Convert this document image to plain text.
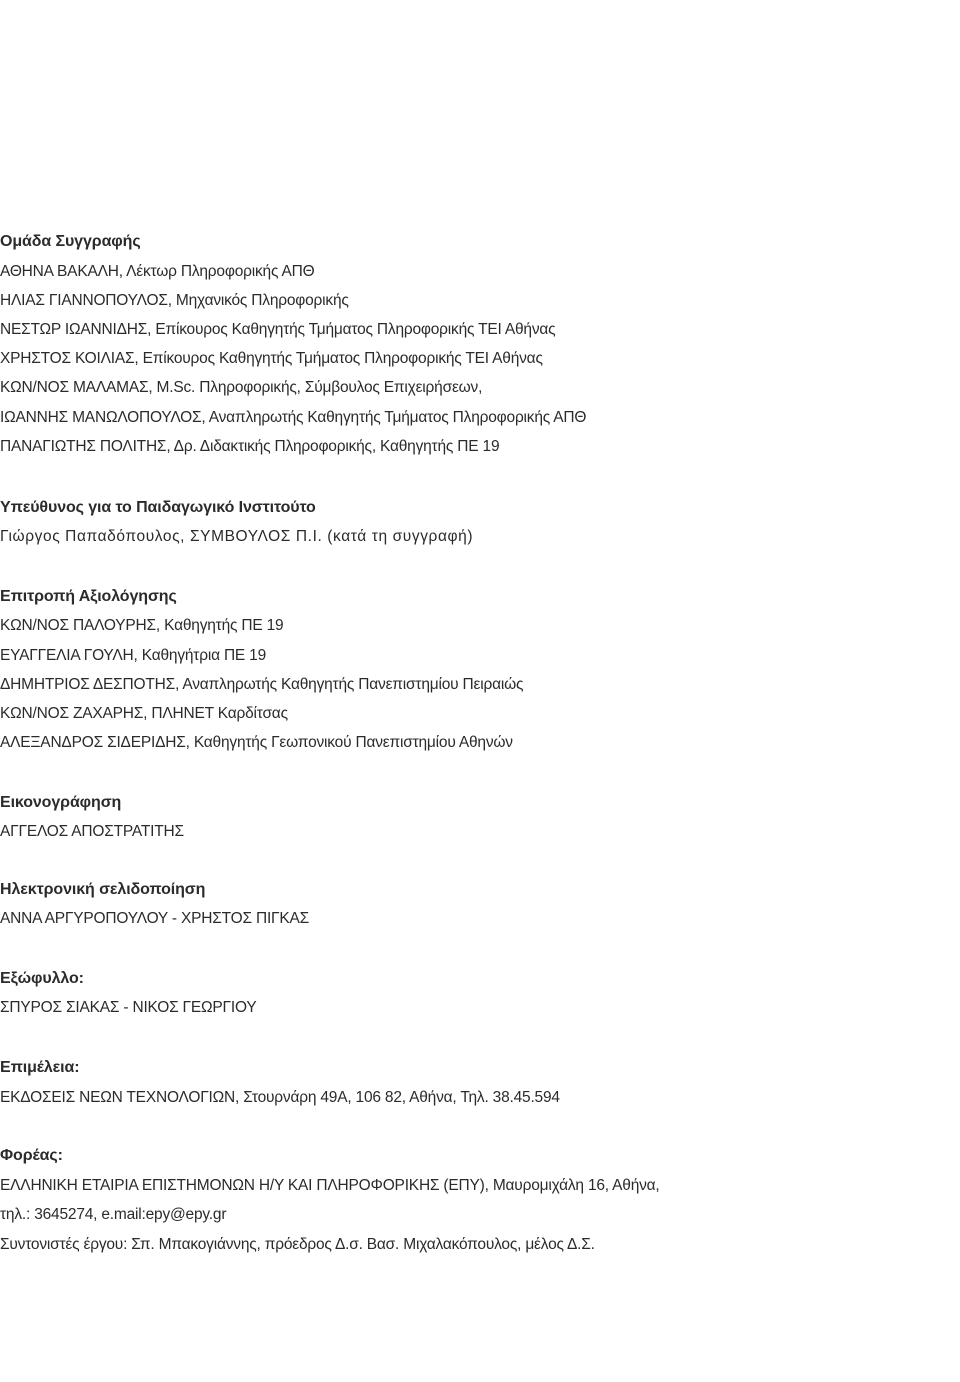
Ομάδα Συγγραφής
ΑΘΗΝΑ ΒΑΚΑΛΗ, Λέκτωρ Πληροφορικής ΑΠΘ
ΗΛΙΑΣ ΓΙΑΝΝΟΠΟΥΛΟΣ, Μηχανικός Πληροφορικής
ΝΕΣΤΩΡ ΙΩΑΝΝΙΔΗΣ, Επίκουρος Καθηγητής Τμήματος Πληροφορικής ΤΕΙ Αθήνας
ΧΡΗΣΤΟΣ ΚΟΙΛΙΑΣ, Επίκουρος Καθηγητής Τμήματος Πληροφορικής ΤΕΙ Αθήνας
ΚΩΝ/ΝΟΣ ΜΑΛΑΜΑΣ, M.Sc. Πληροφορικής, Σύμβουλος Επιχειρήσεων,
ΙΩΑΝΝΗΣ ΜΑΝΩΛΟΠΟΥΛΟΣ, Αναπληρωτής Καθηγητής Τμήματος Πληροφορικής ΑΠΘ
ΠΑΝΑΓΙΩΤΗΣ ΠΟΛΙΤΗΣ, Δρ. Διδακτικής Πληροφορικής, Καθηγητής ΠΕ 19
Υπεύθυνος για το Παιδαγωγικό Ινστιτούτο
Γιώργος Παπαδόπουλος, ΣΥΜΒΟΥΛΟΣ Π.Ι. (κατά τη συγγραφή)
Επιτροπή Αξιολόγησης
ΚΩΝ/ΝΟΣ ΠΑΛΟΥΡΗΣ, Καθηγητής ΠΕ 19
ΕΥΑΓΓΕΛΙΑ ΓΟΥΛΗ, Καθηγήτρια ΠΕ 19
ΔΗΜΗΤΡΙΟΣ ΔΕΣΠΟΤΗΣ, Αναπληρωτής Καθηγητής Πανεπιστημίου Πειραιώς
ΚΩΝ/ΝΟΣ ΖΑΧΑΡΗΣ, ΠΛΗΝΕΤ Καρδίτσας
ΑΛΕΞΑΝΔΡΟΣ ΣΙΔΕΡΙΔΗΣ, Καθηγητής Γεωπονικού Πανεπιστημίου Αθηνών
Εικονογράφηση
ΑΓΓΕΛΟΣ ΑΠΟΣΤΡΑΤΙΤΗΣ
Ηλεκτρονική σελιδοποίηση
ΑΝΝΑ ΑΡΓΥΡΟΠΟΥΛΟΥ - ΧΡΗΣΤΟΣ ΠΙΓΚΑΣ
Εξώφυλλο:
ΣΠΥΡΟΣ ΣΙΑΚΑΣ - ΝΙΚΟΣ ΓΕΩΡΓΙΟΥ
Επιμέλεια:
ΕΚΔΟΣΕΙΣ ΝΕΩΝ ΤΕΧΝΟΛΟΓΙΩΝ, Στουρνάρη 49Α, 106 82, Αθήνα, Τηλ. 38.45.594
Φορέας:
ΕΛΛΗΝΙΚΗ ΕΤΑΙΡΙΑ ΕΠΙΣΤΗΜΟΝΩΝ Η/Υ ΚΑΙ ΠΛΗΡΟΦΟΡΙΚΗΣ (ΕΠΥ), Μαυρομιχάλη 16, Αθήνα,
τηλ.: 3645274, e.mail:epy@epy.gr
Συντονιστές έργου: Σπ. Μπακογιάννης, πρόεδρος Δ.σ. Βασ. Μιχαλακόπουλος, μέλος Δ.Σ.
